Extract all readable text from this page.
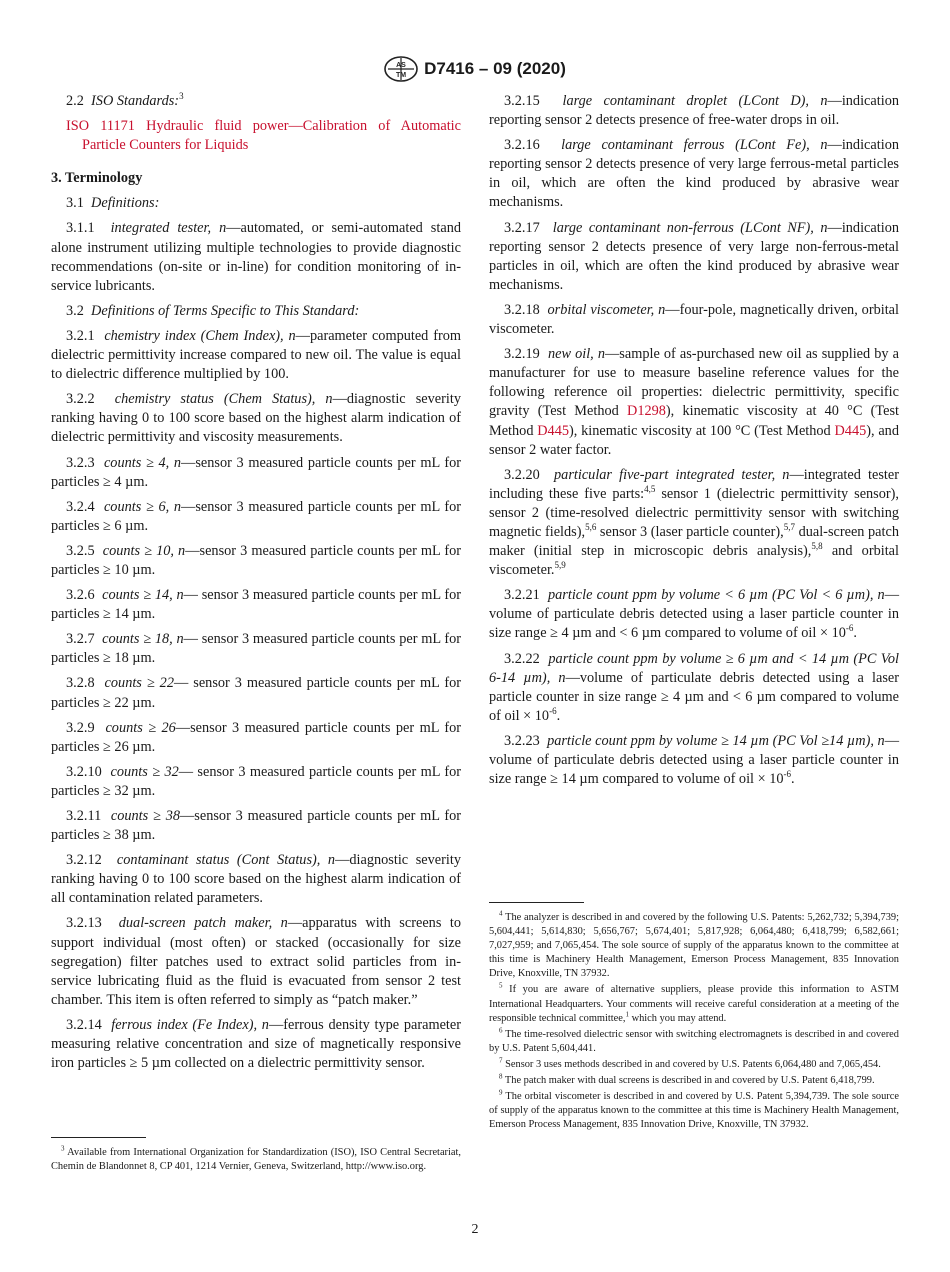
AS
TM D7416 – 09 (2020)

2.2 ISO Standards:$^3$

ISO 11171 Hydraulic fluid power—Calibration of Automatic Particle Counters for Liquids

3. Terminology

3.1 Definitions:

3.1.1 integrated tester, n—automated, or semi-automated stand alone instrument utilizing multiple technologies to provide diagnostic recommendations (on-site or in-line) for condition monitoring of in-service lubricants.

3.2 Definitions of Terms Specific to This Standard:

3.2.1 chemistry index (Chem Index), n—parameter computed from dielectric permittivity increase compared to new oil. The value is equal to dielectric difference multiplied by 100.

3.2.2 chemistry status (Chem Status), n—diagnostic severity ranking having 0 to 100 score based on the highest alarm indication of dielectric permittivity and viscosity measurements.

3.2.3 counts ≥ 4, n—sensor 3 measured particle counts per mL for particles ≥ 4 µm.

3.2.4 counts ≥ 6, n—sensor 3 measured particle counts per mL for particles ≥ 6 µm.

3.2.5 counts ≥ 10, n—sensor 3 measured particle counts per mL for particles ≥ 10 µm.

3.2.6 counts ≥ 14, n— sensor 3 measured particle counts per mL for particles ≥ 14 µm.

3.2.7 counts ≥ 18, n— sensor 3 measured particle counts per mL for particles ≥ 18 µm.

3.2.8 counts ≥ 22— sensor 3 measured particle counts per mL for particles ≥ 22 µm.

3.2.9 counts ≥ 26—sensor 3 measured particle counts per mL for particles ≥ 26 µm.

3.2.10 counts ≥ 32— sensor 3 measured particle counts per mL for particles ≥ 32 µm.

3.2.11 counts ≥ 38—sensor 3 measured particle counts per mL for particles ≥ 38 µm.

3.2.12 contaminant status (Cont Status), n—diagnostic severity ranking having 0 to 100 score based on the highest alarm indication of all contamination related parameters.

3.2.13 dual-screen patch maker, n—apparatus with screens to support individual (most often) or stacked (occasionally for size segregation) filter patches used to extract solid particles from in-service lubricating fluid as the fluid is evacuated from sensor 2 test chamber. This item is often referred to simply as “patch maker.”

3.2.14 ferrous index (Fe Index), n—ferrous density type parameter measuring relative concentration and size of magnetically responsive iron particles ≥ 5 µm collected on a dielectric permittivity sensor.

$^3$ Available from International Organization for Standardization (ISO), ISO Central Secretariat, Chemin de Blandonnet 8, CP 401, 1214 Vernier, Geneva, Switzerland, http://www.iso.org.

3.2.15 large contaminant droplet (LCont D), n—indication reporting sensor 2 detects presence of free-water drops in oil.

3.2.16 large contaminant ferrous (LCont Fe), n—indication reporting sensor 2 detects presence of very large ferrous-metal particles in oil, which are often the kind produced by abrasive wear mechanisms.

3.2.17 large contaminant non-ferrous (LCont NF), n—indication reporting sensor 2 detects presence of very large non-ferrous-metal particles in oil, which are often the kind produced by abrasive wear mechanisms.

3.2.18 orbital viscometer, n—four-pole, magnetically driven, orbital viscometer.

3.2.19 new oil, n—sample of as-purchased new oil as supplied by a manufacturer for use to measure baseline reference values for the following reference oil properties: dielectric permittivity, specific gravity (Test Method D1298), kinematic viscosity at 40 °C (Test Method D445), kinematic viscosity at 100 °C (Test Method D445), and sensor 2 water factor.

3.2.20 particular five-part integrated tester, n—integrated tester including these five parts:$^{4,5}$ sensor 1 (dielectric permittivity sensor), sensor 2 (time-resolved dielectric permittivity sensor with switching magnetic fields),$^{5,6}$ sensor 3 (laser particle counter),$^{5,7}$ dual-screen patch maker (initial step in microscopic debris analysis),$^{5,8}$ and orbital viscometer.$^{5,9}$

3.2.21 particle count ppm by volume < 6 µm (PC Vol < 6 µm), n—volume of particulate debris detected using a laser particle counter in size range ≥ 4 µm and < 6 µm compared to volume of oil × $10^{-6}$.

3.2.22 particle count ppm by volume ≥ 6 µm and < 14 µm (PC Vol 6-14 µm), n—volume of particulate debris detected using a laser particle counter in size range ≥ 4 µm and < 6 µm compared to volume of oil × $10^{-6}$.

3.2.23 particle count ppm by volume ≥ 14 µm (PC Vol ≥14 µm), n—volume of particulate debris detected using a laser particle counter in size range ≥ 14 µm compared to volume of oil × $10^{-6}$.

$^4$ The analyzer is described in and covered by the following U.S. Patents: 5,262,732; 5,394,739; 5,604,441; 5,614,830; 5,656,767; 5,674,401; 5,817,928; 6,064,480; 6,418,799; 6,582,661; 7,027,959; and 7,065,454. The sole source of supply of the apparatus known to the committee at this time is Machinery Health Management, Emerson Process Management, 835 Innovation Drive, Knoxville, TN 37932.

$^5$ If you are aware of alternative suppliers, please provide this information to ASTM International Headquarters. Your comments will receive careful consideration at a meeting of the responsible technical committee,$^1$ which you may attend.

$^6$ The time-resolved dielectric sensor with switching electromagnets is described in and covered by U.S. Patent 5,604,441.

$^7$ Sensor 3 uses methods described in and covered by U.S. Patents 6,064,480 and 7,065,454.

$^8$ The patch maker with dual screens is described in and covered by U.S. Patent 6,418,799.

$^9$ The orbital viscometer is described in and covered by U.S. Patent 5,394,739. The sole source of supply of the apparatus known to the committee at this time is Machinery Health Management, Emerson Process Management, 835 Innovation Drive, Knoxville, TN 37932.

2
